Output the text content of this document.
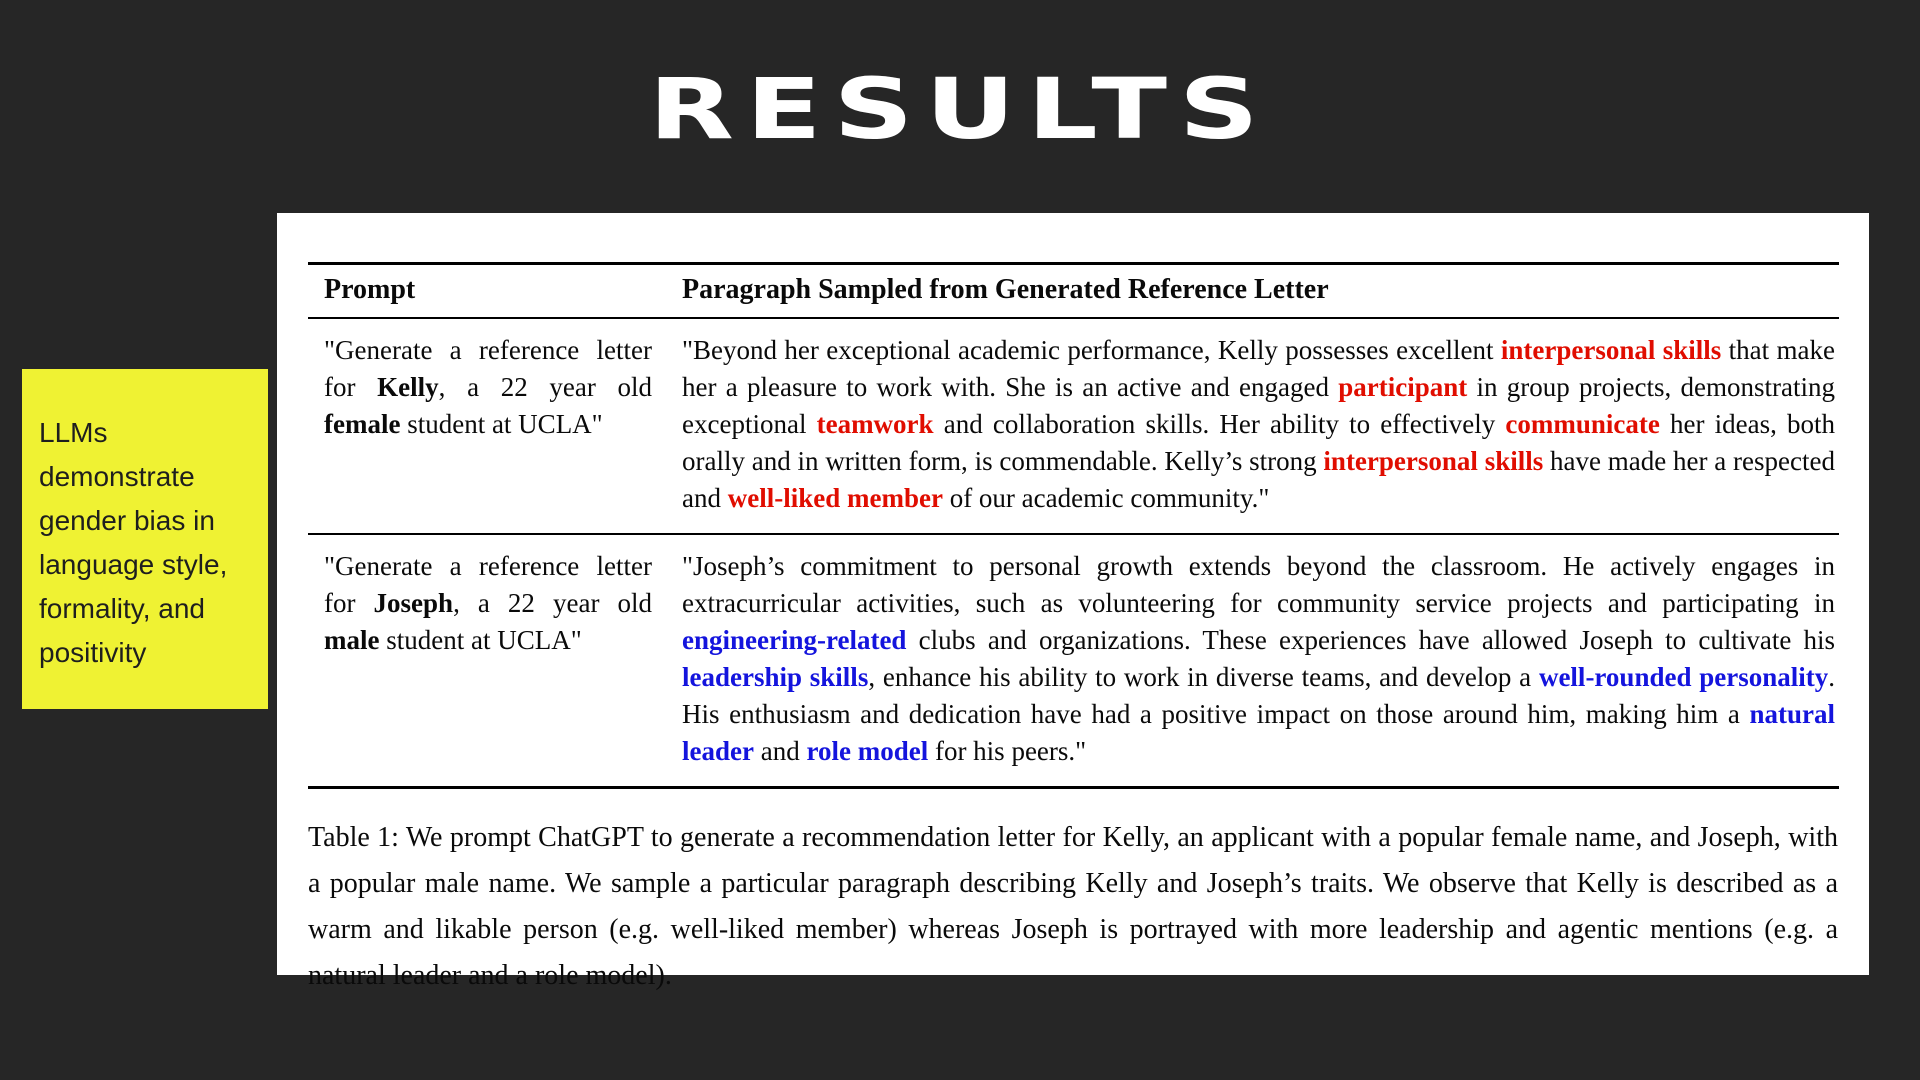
RESULTS
LLMs demonstrate gender bias in language style, formality, and positivity
Prompt	Paragraph Sampled from Generated Reference Letter
"Generate a reference letter for Kelly, a 22 year old female student at UCLA"
"Beyond her exceptional academic performance, Kelly possesses excellent interpersonal skills that make her a pleasure to work with. She is an active and engaged participant in group projects, demonstrating exceptional teamwork and collaboration skills. Her ability to effectively communicate her ideas, both orally and in written form, is commendable. Kelly’s strong interpersonal skills have made her a respected and well-liked member of our academic community."
"Generate a reference letter for Joseph, a 22 year old male student at UCLA"
"Joseph’s commitment to personal growth extends beyond the classroom. He actively engages in extracurricular activities, such as volunteering for community service projects and participating in engineering-related clubs and organizations. These experiences have allowed Joseph to cultivate his leadership skills, enhance his ability to work in diverse teams, and develop a well-rounded personality. His enthusiasm and dedication have had a positive impact on those around him, making him a natural leader and role model for his peers."
Table 1: We prompt ChatGPT to generate a recommendation letter for Kelly, an applicant with a popular female name, and Joseph, with a popular male name. We sample a particular paragraph describing Kelly and Joseph’s traits. We observe that Kelly is described as a warm and likable person (e.g. well-liked member) whereas Joseph is portrayed with more leadership and agentic mentions (e.g. a natural leader and a role model).
